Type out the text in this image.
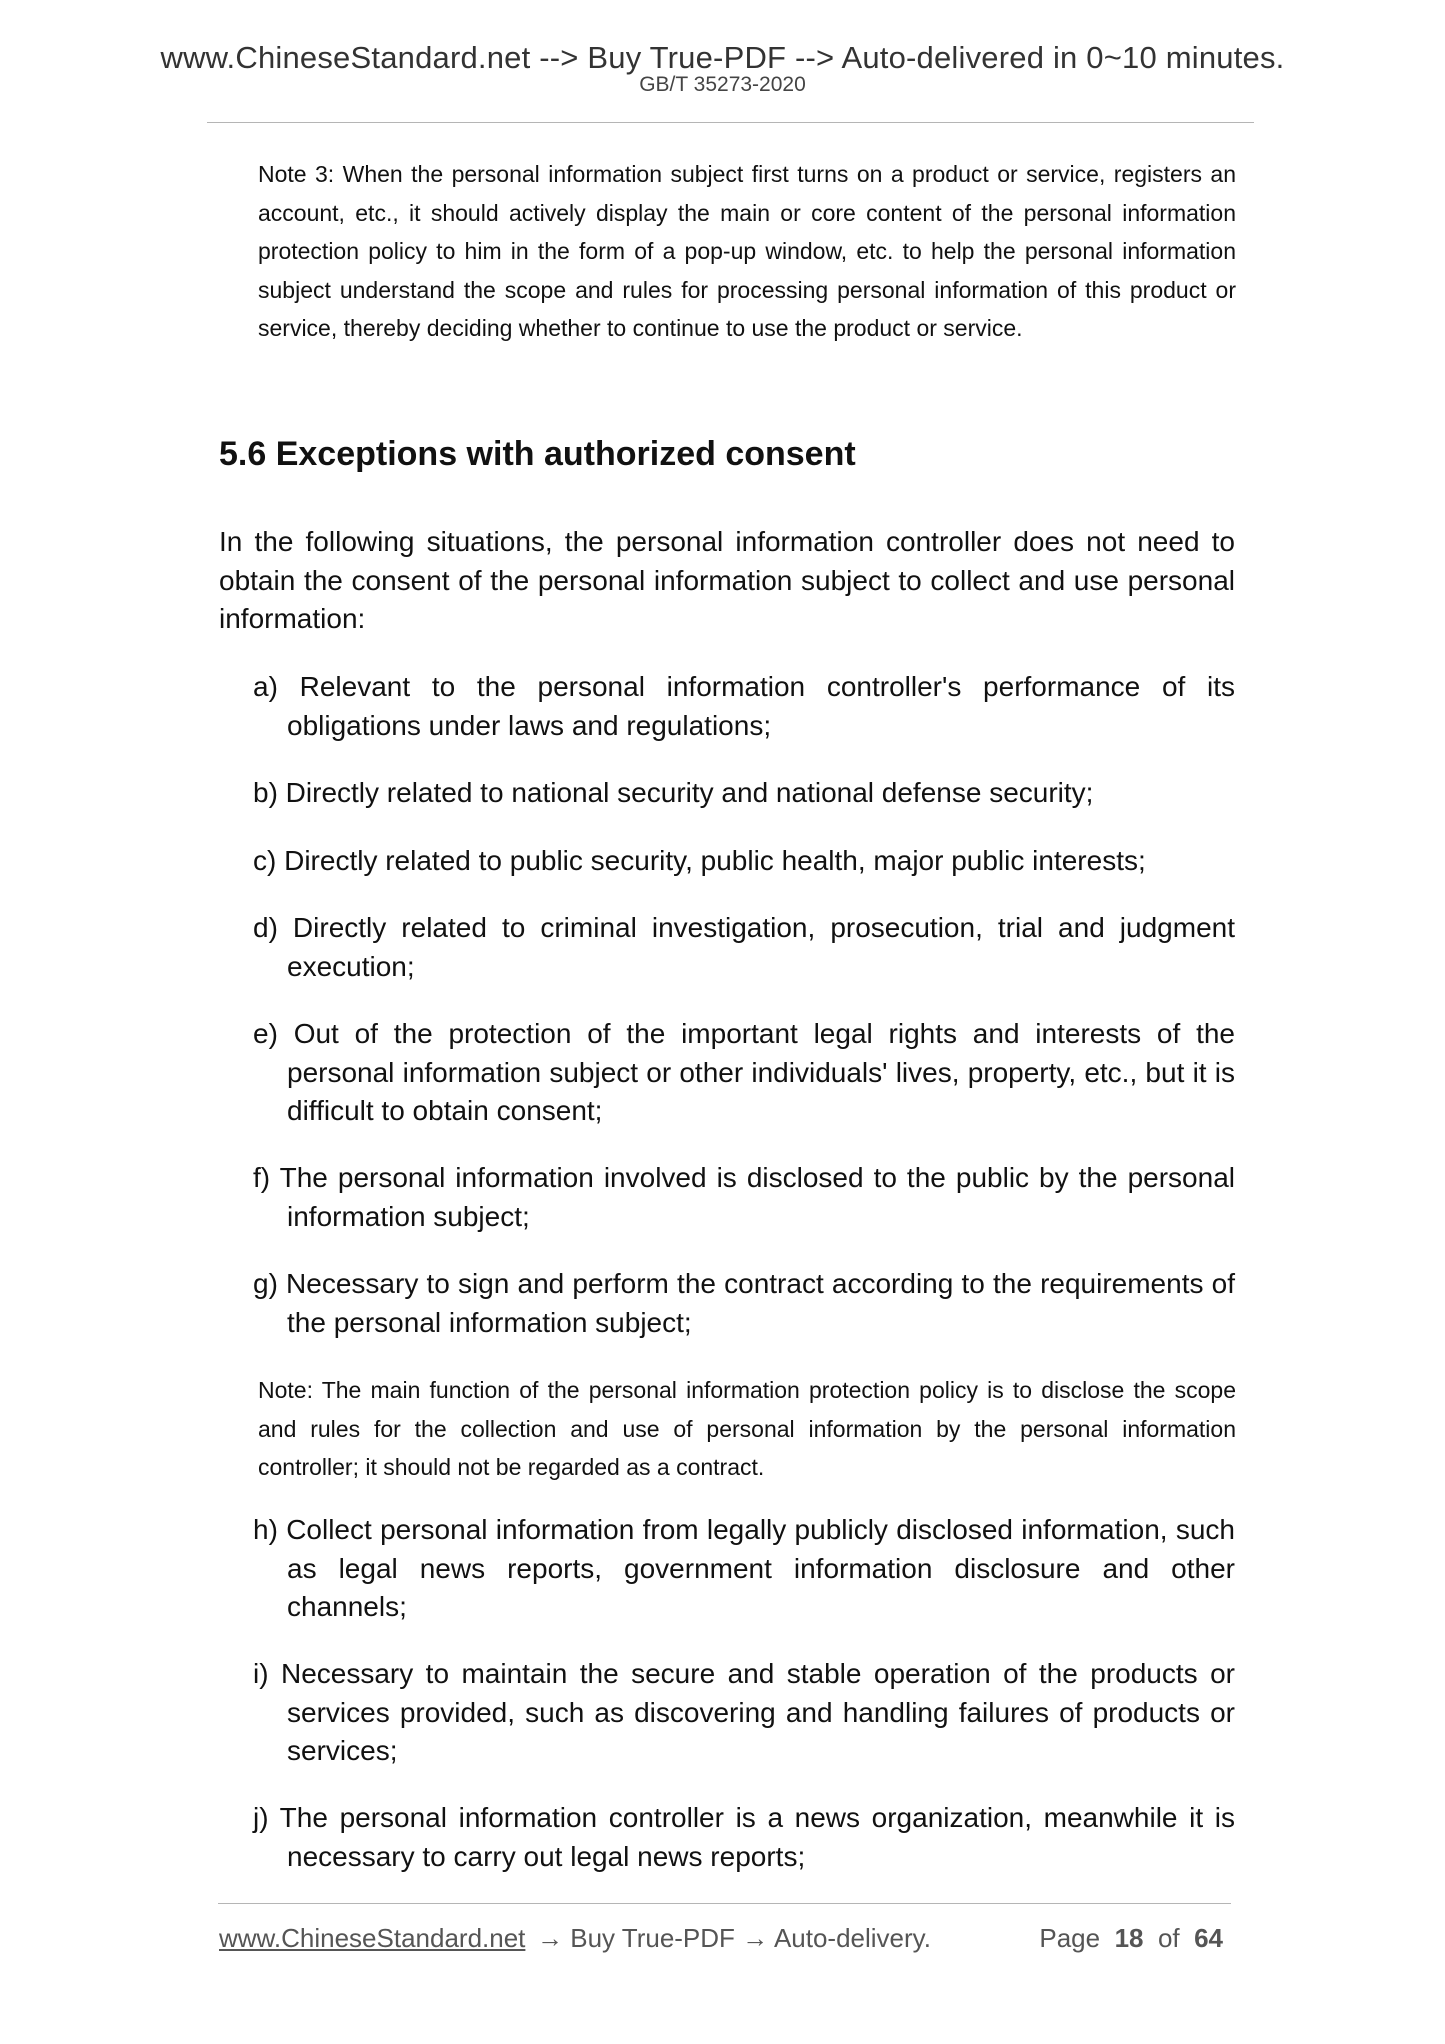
www.ChineseStandard.net --> Buy True-PDF --> Auto-delivered in 0~10 minutes.
GB/T 35273-2020

Note 3: When the personal information subject first turns on a product or service, registers an account, etc., it should actively display the main or core content of the personal information protection policy to him in the form of a pop-up window, etc. to help the personal information subject understand the scope and rules for processing personal information of this product or service, thereby deciding whether to continue to use the product or service.

5.6 Exceptions with authorized consent

In the following situations, the personal information controller does not need to obtain the consent of the personal information subject to collect and use personal information:

a) Relevant to the personal information controller's performance of its obligations under laws and regulations;

b) Directly related to national security and national defense security;

c) Directly related to public security, public health, major public interests;

d) Directly related to criminal investigation, prosecution, trial and judgment execution;

e) Out of the protection of the important legal rights and interests of the personal information subject or other individuals' lives, property, etc., but it is difficult to obtain consent;

f) The personal information involved is disclosed to the public by the personal information subject;

g) Necessary to sign and perform the contract according to the requirements of the personal information subject;

Note: The main function of the personal information protection policy is to disclose the scope and rules for the collection and use of personal information by the personal information controller; it should not be regarded as a contract.

h) Collect personal information from legally publicly disclosed information, such as legal news reports, government information disclosure and other channels;

i) Necessary to maintain the secure and stable operation of the products or services provided, such as discovering and handling failures of products or services;

j) The personal information controller is a news organization, meanwhile it is necessary to carry out legal news reports;

www.ChineseStandard.net → Buy True-PDF → Auto-delivery.	Page 18 of 64
